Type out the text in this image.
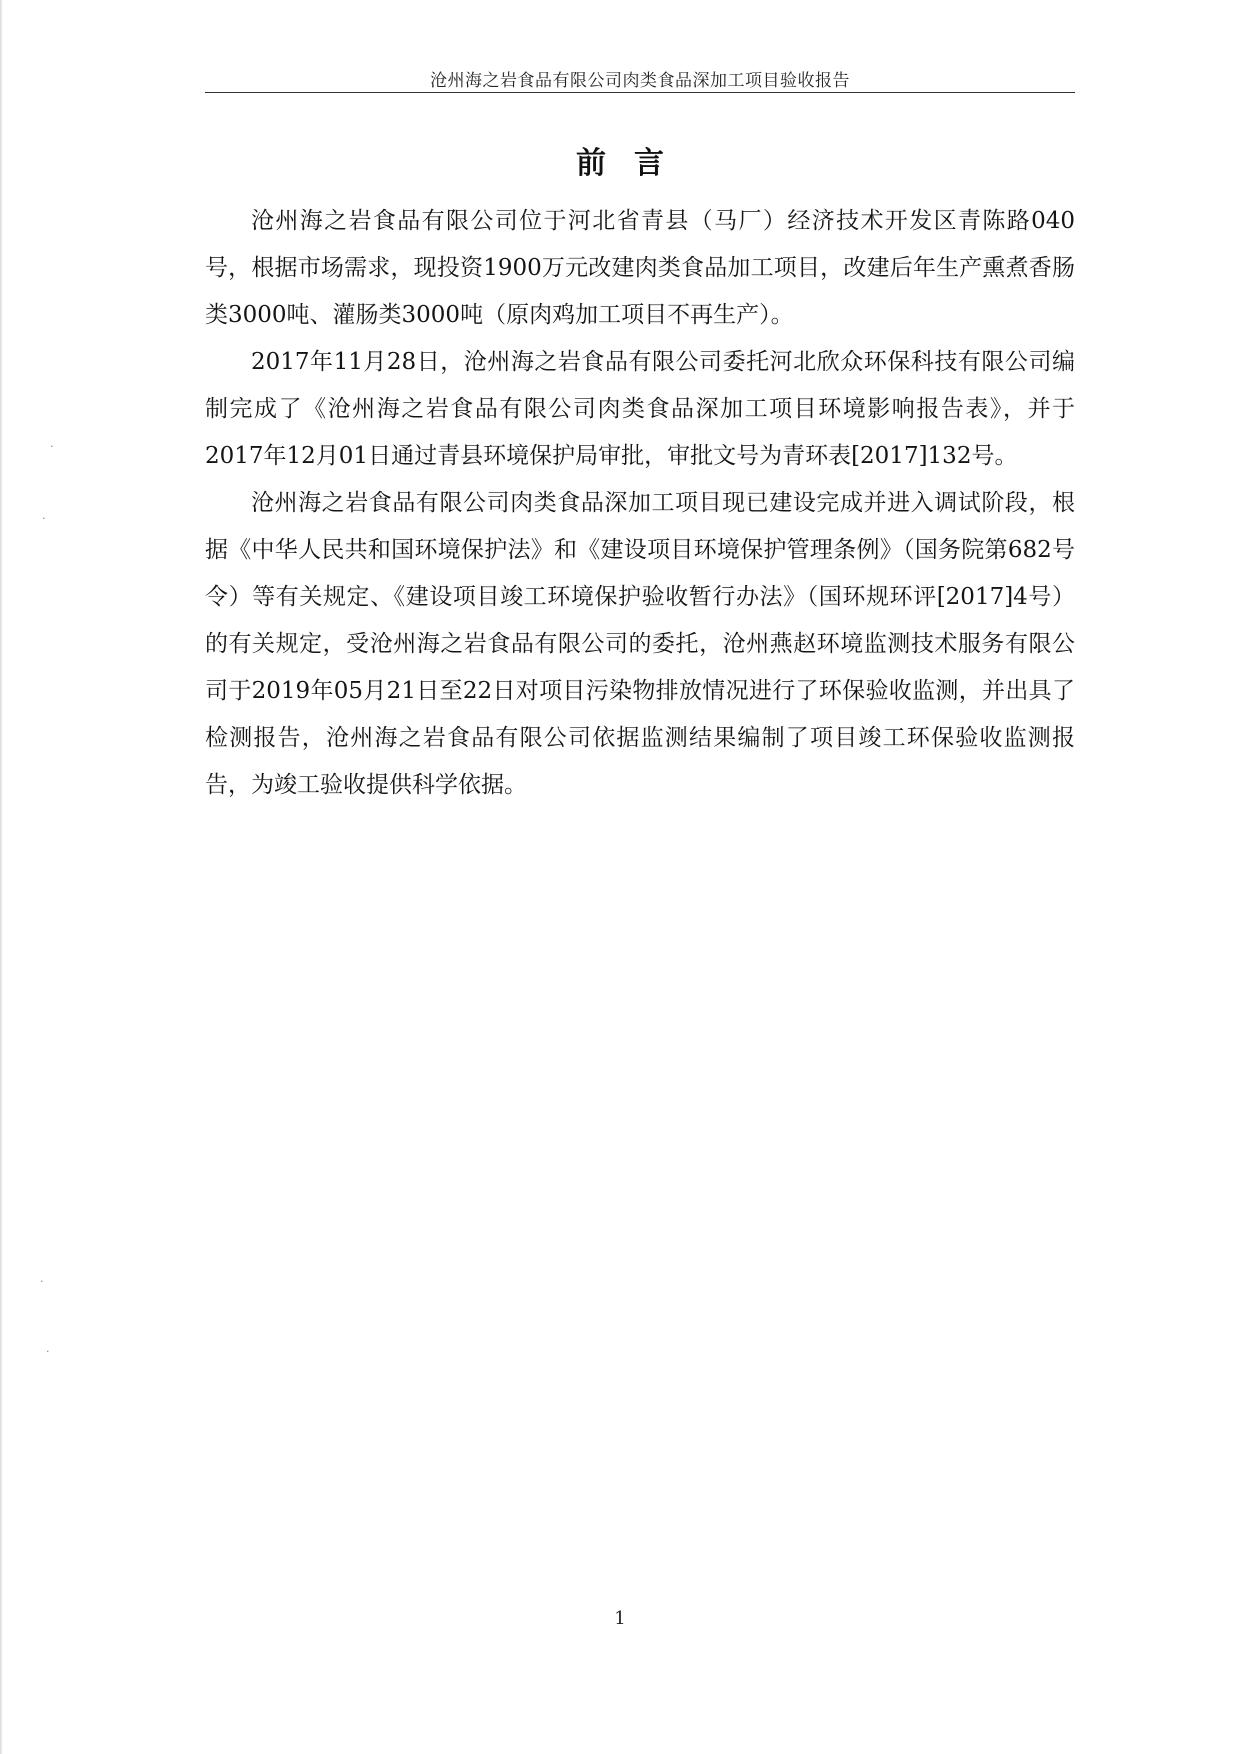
沧州海之岩食品有限公司肉类食品深加工项目验收报告
前言

沧州海之岩食品有限公司位于河北省青县（马厂）经济技术开发区青陈路040号，根据市场需求，现投资1900万元改建肉类食品加工项目，改建后年生产熏煮香肠类3000吨、灌肠类3000吨（原肉鸡加工项目不再生产）。

2017年11月28日，沧州海之岩食品有限公司委托河北欣众环保科技有限公司编制完成了《沧州海之岩食品有限公司肉类食品深加工项目环境影响报告表》，并于2017年12月01日通过青县环境保护局审批，审批文号为青环表[2017]132号。

沧州海之岩食品有限公司肉类食品深加工项目现已建设完成并进入调试阶段，根据《中华人民共和国环境保护法》和《建设项目环境保护管理条例》（国务院第682号令）等有关规定、《建设项目竣工环境保护验收暂行办法》（国环规环评[2017]4号）的有关规定，受沧州海之岩食品有限公司的委托，沧州燕赵环境监测技术服务有限公司于2019年05月21日至22日对项目污染物排放情况进行了环保验收监测，并出具了检测报告，沧州海之岩食品有限公司依据监测结果编制了项目竣工环保验收监测报告，为竣工验收提供科学依据。

·
·
·
·
1
